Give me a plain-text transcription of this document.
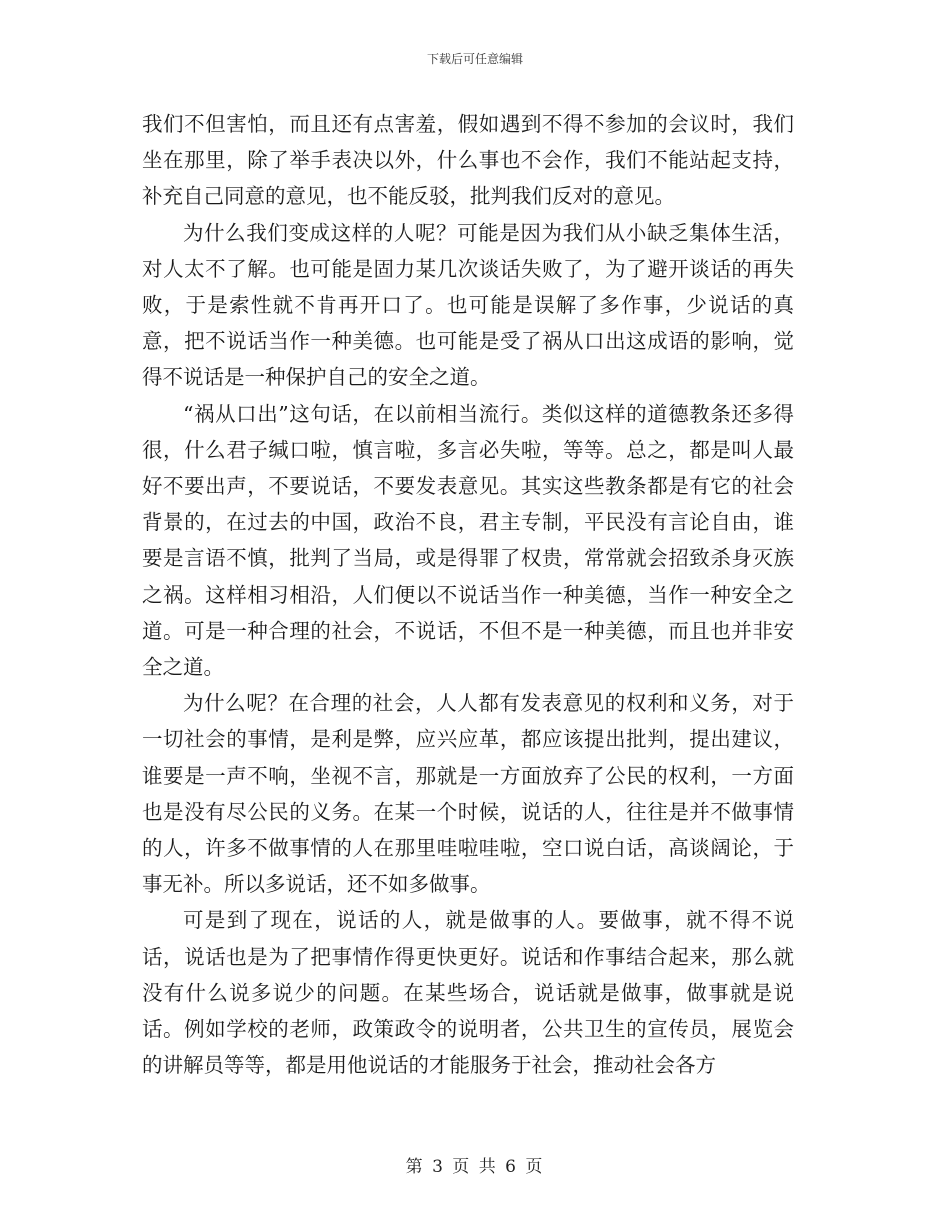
下载后可任意编辑

我们不但害怕，而且还有点害羞，假如遇到不得不参加的会议时，我们坐在那里，除了举手表决以外，什么事也不会作，我们不能站起支持，补充自己同意的意见，也不能反驳，批判我们反对的意见。

为什么我们变成这样的人呢？可能是因为我们从小缺乏集体生活，对人太不了解。也可能是固力某几次谈话失败了，为了避开谈话的再失败，于是索性就不肯再开口了。也可能是误解了多作事，少说话的真意，把不说话当作一种美德。也可能是受了祸从口出这成语的影响，觉得不说话是一种保护自己的安全之道。

“祸从口出”这句话，在以前相当流行。类似这样的道德教条还多得很，什么君子缄口啦，慎言啦，多言必失啦，等等。总之，都是叫人最好不要出声，不要说话，不要发表意见。其实这些教条都是有它的社会背景的，在过去的中国，政治不良，君主专制，平民没有言论自由，谁要是言语不慎，批判了当局，或是得罪了权贵，常常就会招致杀身灭族之祸。这样相习相沿，人们便以不说话当作一种美德，当作一种安全之道。可是一种合理的社会，不说话，不但不是一种美德，而且也并非安全之道。

为什么呢？在合理的社会，人人都有发表意见的权利和义务，对于一切社会的事情，是利是弊，应兴应革，都应该提出批判，提出建议，谁要是一声不响，坐视不言，那就是一方面放弃了公民的权利，一方面也是没有尽公民的义务。在某一个时候，说话的人，往往是并不做事情的人，许多不做事情的人在那里哇啦哇啦，空口说白话，高谈阔论，于事无补。所以多说话，还不如多做事。

可是到了现在，说话的人，就是做事的人。要做事，就不得不说话，说话也是为了把事情作得更快更好。说话和作事结合起来，那么就没有什么说多说少的问题。在某些场合，说话就是做事，做事就是说话。例如学校的老师，政策政令的说明者，公共卫生的宣传员，展览会的讲解员等等，都是用他说话的才能服务于社会，推动社会各方

第 3 页 共 6 页
